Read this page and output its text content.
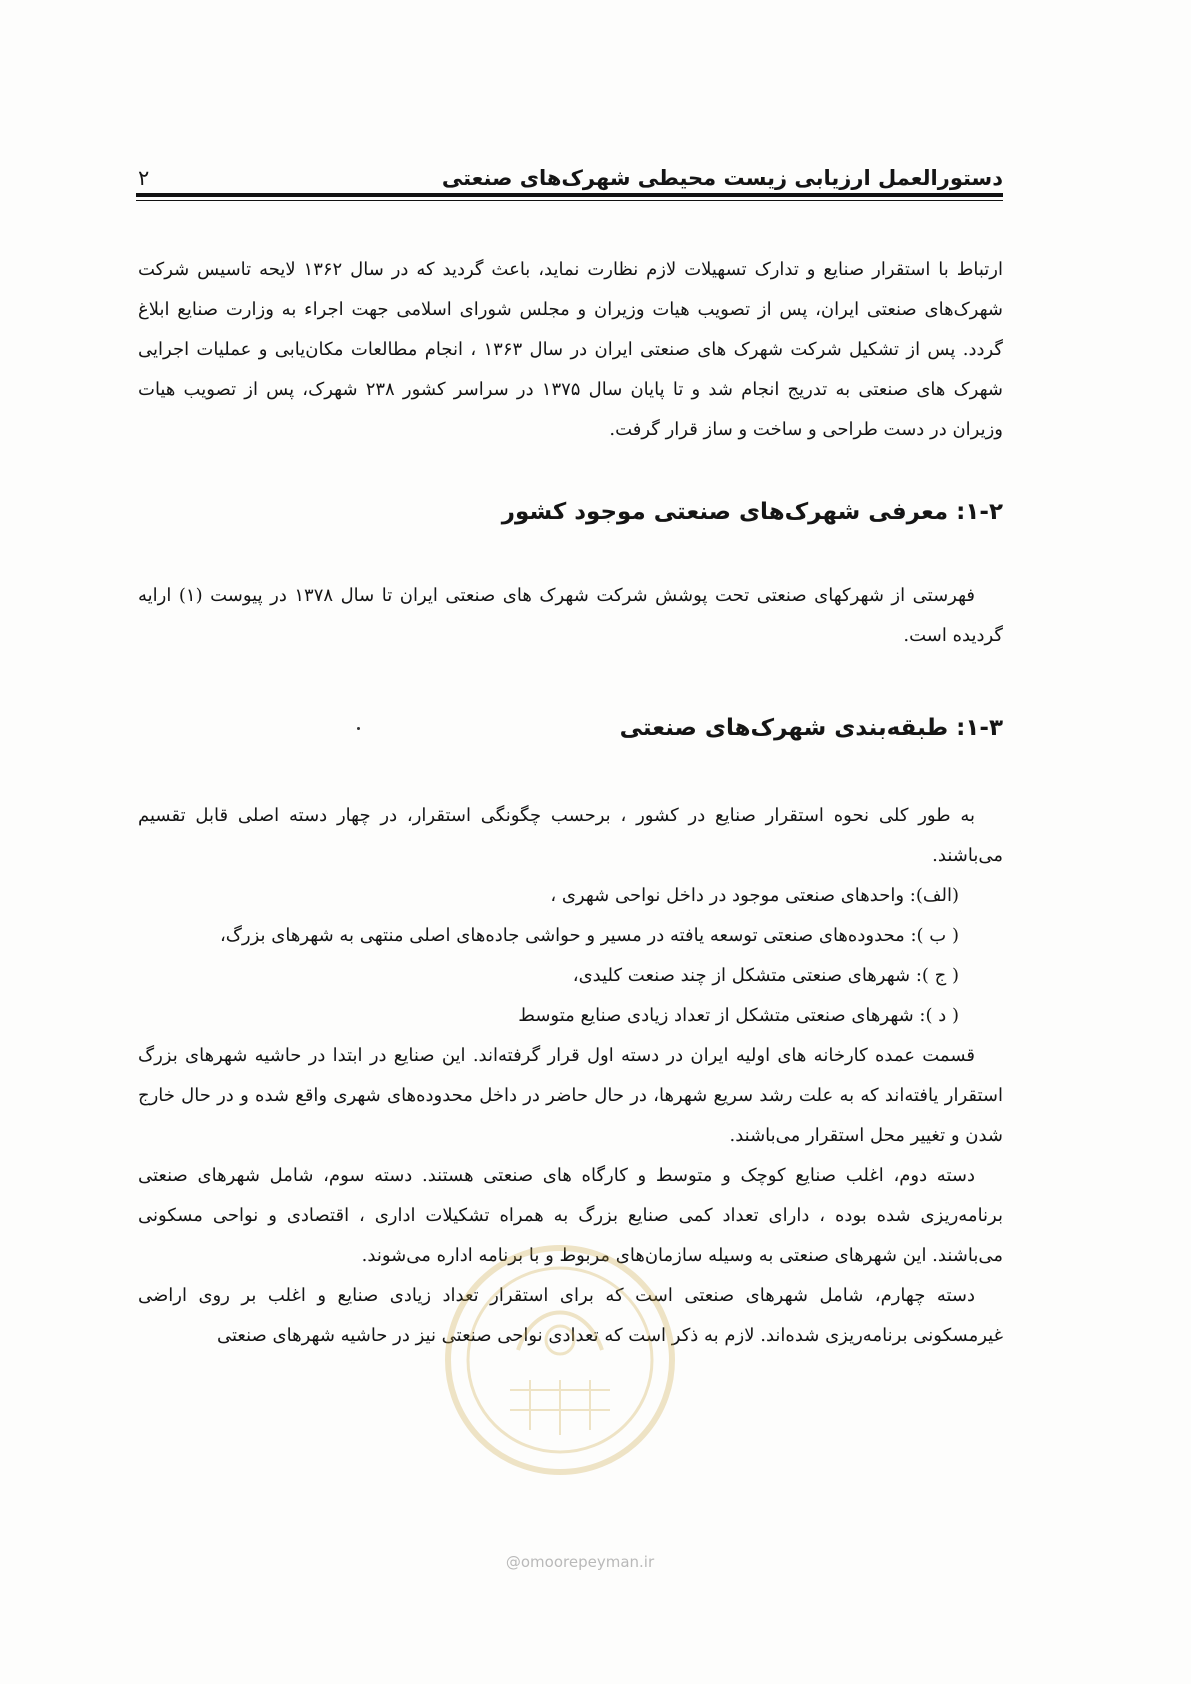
دستورالعمل ارزیابی زیست محیطی شهرک‌های صنعتی
۲

ارتباط با استقرار صنایع و تدارک تسهیلات لازم نظارت نماید، باعث گردید که در سال ۱۳۶۲ لایحه تاسیس شرکت شهرک‌های صنعتی ایران، پس از تصویب هیات وزیران و مجلس شورای اسلامی جهت اجراء به وزارت صنایع ابلاغ گردد. پس از تشکیل شرکت شهرک های صنعتی ایران در سال ۱۳۶۳ ، انجام مطالعات مکان‌یابی و عملیات اجرایی شهرک های صنعتی به تدریج انجام شد و تا پایان سال ۱۳۷۵ در سراسر کشور ۲۳۸ شهرک، پس از تصویب هیات وزیران در دست طراحی و ساخت و ساز قرار گرفت.

۱-۲: معرفی شهرک‌های صنعتی موجود کشور

فهرستی از شهرکهای صنعتی تحت پوشش شرکت شهرک های صنعتی ایران تا سال ۱۳۷۸ در پیوست (۱) ارایه گردیده است.

۱-۳: طبقه‌بندی شهرک‌های صنعتی

به طور کلی نحوه استقرار صنایع در کشور ، برحسب چگونگی استقرار، در چهار دسته اصلی قابل تقسیم می‌باشند.

(الف): واحدهای صنعتی موجود در داخل نواحی شهری ،
( ب ): محدوده‌های صنعتی توسعه یافته در مسیر و حواشی جاده‌های اصلی منتهی به شهرهای بزرگ،
( ج ): شهرهای صنعتی متشکل از چند صنعت کلیدی،
( د ): شهرهای صنعتی متشکل از تعداد زیادی صنایع متوسط

قسمت عمده کارخانه های اولیه ایران در دسته اول قرار گرفته‌اند. این صنایع در ابتدا در حاشیه شهرهای بزرگ استقرار یافته‌اند که به علت رشد سریع شهرها، در حال حاضر در داخل محدوده‌های شهری واقع شده و در حال خارج شدن و تغییر محل استقرار می‌باشند.

دسته دوم، اغلب صنایع کوچک و متوسط و کارگاه های صنعتی هستند. دسته سوم، شامل شهرهای صنعتی برنامه‌ریزی شده بوده ، دارای تعداد کمی صنایع بزرگ به همراه تشکیلات اداری ، اقتصادی و نواحی مسکونی می‌باشند. این شهرهای صنعتی به وسیله سازمان‌های مربوط و با برنامه اداره می‌شوند.

دسته چهارم، شامل شهرهای صنعتی است که برای استقرار تعداد زیادی صنایع و اغلب بر روی اراضی غیرمسکونی برنامه‌ریزی شده‌اند. لازم به ذکر است که تعدادی نواحی صنعتی نیز در حاشیه شهرهای صنعتی

@omoorepeyman.ir
